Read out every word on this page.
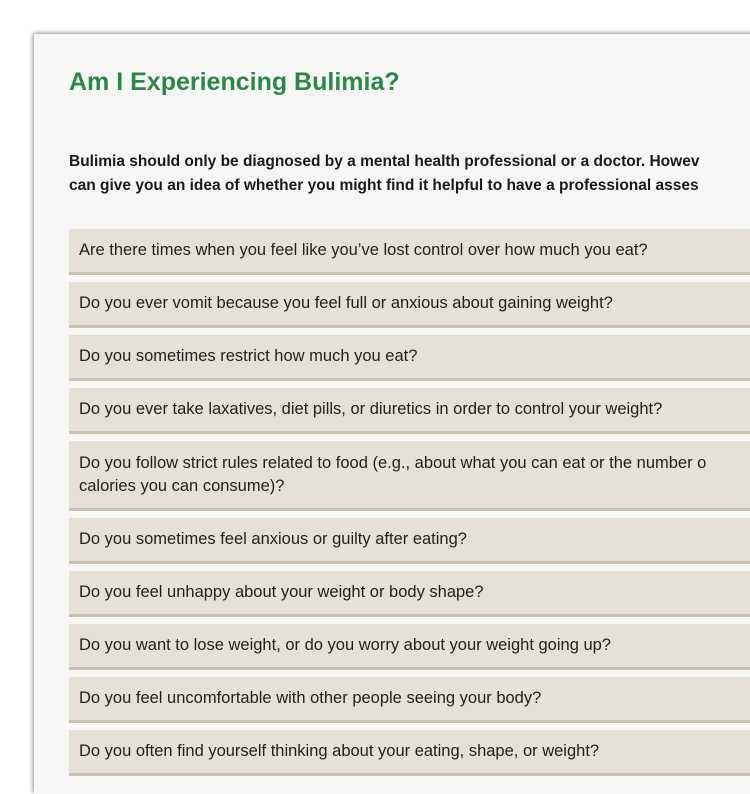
Am I Experiencing Bulimia?

Bulimia should only be diagnosed by a mental health professional or a doctor. Howev
can give you an idea of whether you might find it helpful to have a professional asses

Are there times when you feel like you’ve lost control over how much you eat?
Do you ever vomit because you feel full or anxious about gaining weight?
Do you sometimes restrict how much you eat?
Do you ever take laxatives, diet pills, or diuretics in order to control your weight?
Do you follow strict rules related to food (e.g., about what you can eat or the number o
calories you can consume)?
Do you sometimes feel anxious or guilty after eating?
Do you feel unhappy about your weight or body shape?
Do you want to lose weight, or do you worry about your weight going up?
Do you feel uncomfortable with other people seeing your body?
Do you often find yourself thinking about your eating, shape, or weight?
